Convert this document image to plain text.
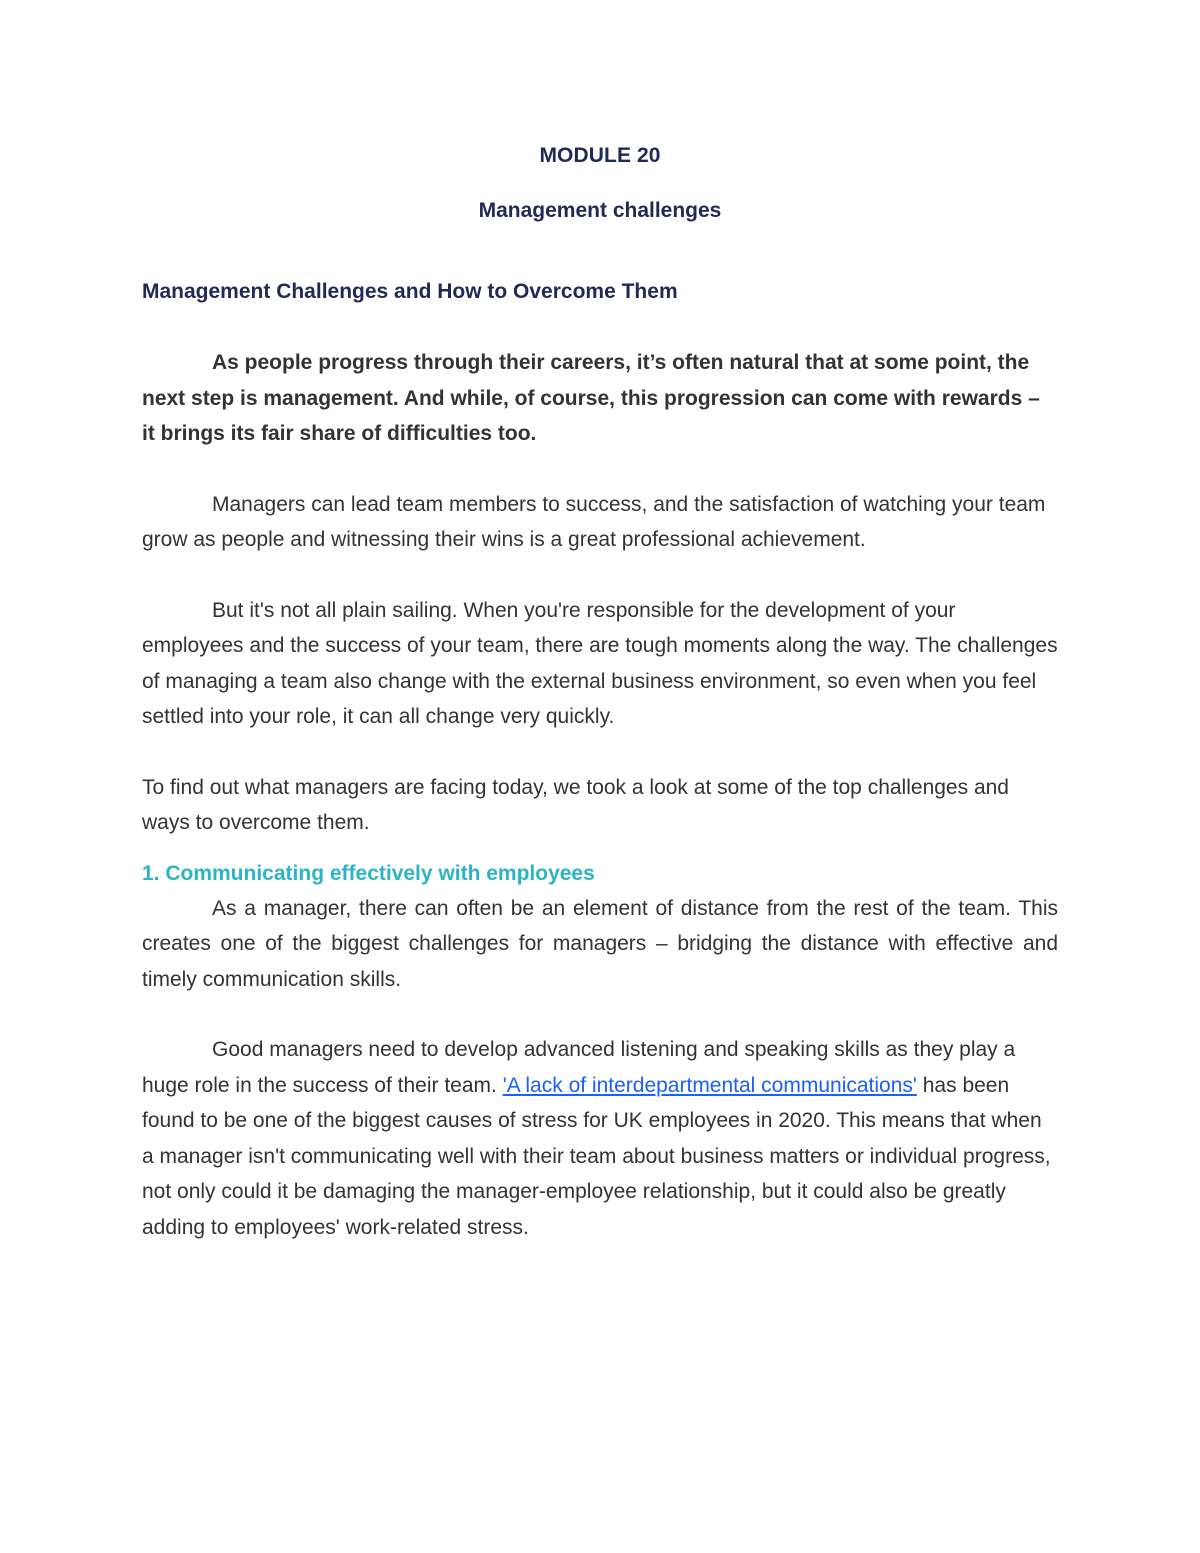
MODULE 20
Management challenges
Management Challenges and How to Overcome Them

As people progress through their careers, it’s often natural that at some point, the next step is management. And while, of course, this progression can come with rewards – it brings its fair share of difficulties too.

Managers can lead team members to success, and the satisfaction of watching your team grow as people and witnessing their wins is a great professional achievement.

But it's not all plain sailing. When you're responsible for the development of your employees and the success of your team, there are tough moments along the way. The challenges of managing a team also change with the external business environment, so even when you feel settled into your role, it can all change very quickly.

To find out what managers are facing today, we took a look at some of the top challenges and ways to overcome them.

1. Communicating effectively with employees

As a manager, there can often be an element of distance from the rest of the team. This creates one of the biggest challenges for managers – bridging the distance with effective and timely communication skills.

Good managers need to develop advanced listening and speaking skills as they play a huge role in the success of their team. 'A lack of interdepartmental communications' has been found to be one of the biggest causes of stress for UK employees in 2020. This means that when a manager isn't communicating well with their team about business matters or individual progress, not only could it be damaging the manager-employee relationship, but it could also be greatly adding to employees' work-related stress.
